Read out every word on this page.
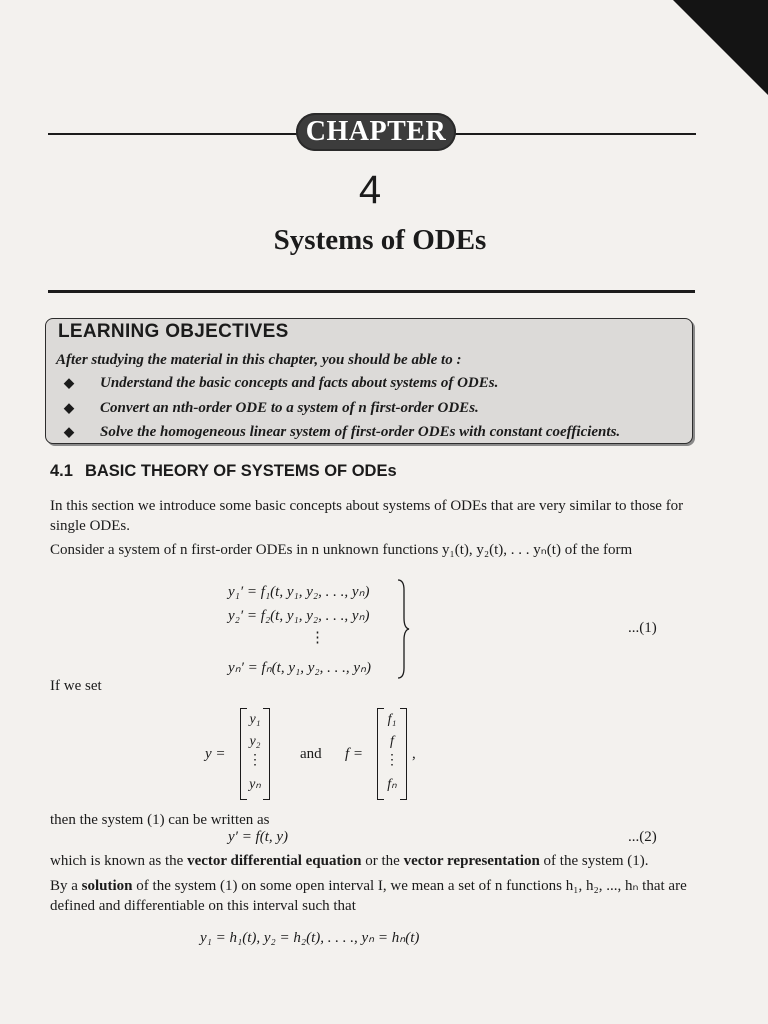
CHAPTER
4
Systems of ODEs
LEARNING OBJECTIVES
After studying the material in this chapter, you should be able to :
◆ Understand the basic concepts and facts about systems of ODEs.
◆ Convert an nth-order ODE to a system of n first-order ODEs.
◆ Solve the homogeneous linear system of first-order ODEs with constant coefficients.
4.1 BASIC THEORY OF SYSTEMS OF ODEs
In this section we introduce some basic concepts about systems of ODEs that are very similar to those for single ODEs.
Consider a system of n first-order ODEs in n unknown functions y₁(t), y₂(t), . . . yₙ(t) of the form
y₁′ = f₁(t, y₁, y₂, . . ., yₙ)
y₂′ = f₂(t, y₁, y₂, . . ., yₙ)
⋮
yₙ′ = fₙ(t, y₁, y₂, . . ., yₙ)
...(1)
If we set
y =
y₁
y₂
⋮
yₙ
and f =
f₁
f
⋮
fₙ
,
then the system (1) can be written as
y′ = f(t, y)	...(2)
which is known as the vector differential equation or the vector representation of the system (1).
By a solution of the system (1) on some open interval I, we mean a set of n functions h₁, h₂, ..., hₙ that are defined and differentiable on this interval such that
y₁ = h₁(t), y₂ = h₂(t), . . . ., yₙ = hₙ(t)
